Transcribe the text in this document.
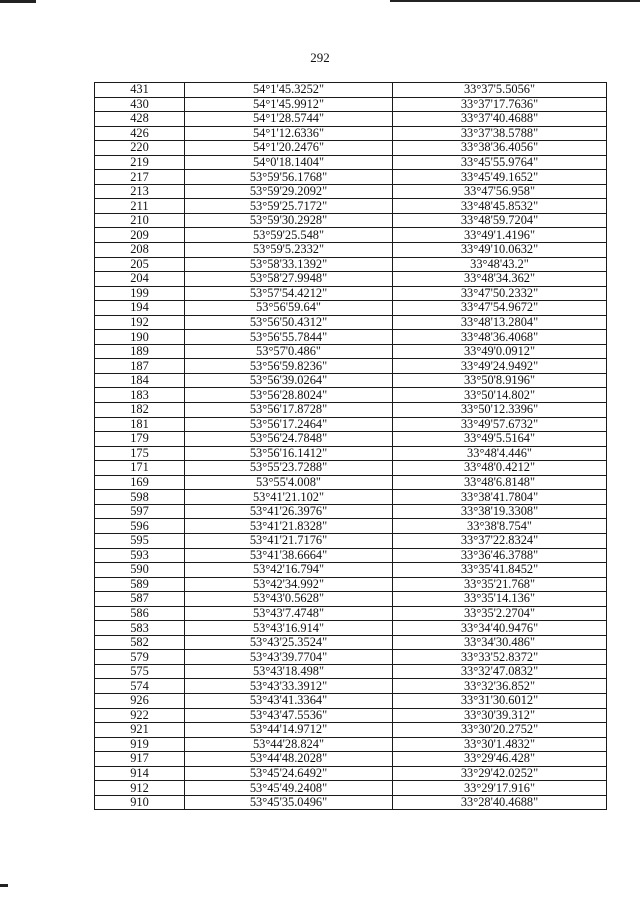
292
431	54°1'45.3252"	33°37'5.5056"
430	54°1'45.9912"	33°37'17.7636"
428	54°1'28.5744"	33°37'40.4688"
426	54°1'12.6336"	33°37'38.5788"
220	54°1'20.2476"	33°38'36.4056"
219	54°0'18.1404"	33°45'55.9764"
217	53°59'56.1768"	33°45'49.1652"
213	53°59'29.2092"	33°47'56.958"
211	53°59'25.7172"	33°48'45.8532"
210	53°59'30.2928"	33°48'59.7204"
209	53°59'25.548"	33°49'1.4196"
208	53°59'5.2332"	33°49'10.0632"
205	53°58'33.1392"	33°48'43.2"
204	53°58'27.9948"	33°48'34.362"
199	53°57'54.4212"	33°47'50.2332"
194	53°56'59.64"	33°47'54.9672"
192	53°56'50.4312"	33°48'13.2804"
190	53°56'55.7844"	33°48'36.4068"
189	53°57'0.486"	33°49'0.0912"
187	53°56'59.8236"	33°49'24.9492"
184	53°56'39.0264"	33°50'8.9196"
183	53°56'28.8024"	33°50'14.802"
182	53°56'17.8728"	33°50'12.3396"
181	53°56'17.2464"	33°49'57.6732"
179	53°56'24.7848"	33°49'5.5164"
175	53°56'16.1412"	33°48'4.446"
171	53°55'23.7288"	33°48'0.4212"
169	53°55'4.008"	33°48'6.8148"
598	53°41'21.102"	33°38'41.7804"
597	53°41'26.3976"	33°38'19.3308"
596	53°41'21.8328"	33°38'8.754"
595	53°41'21.7176"	33°37'22.8324"
593	53°41'38.6664"	33°36'46.3788"
590	53°42'16.794"	33°35'41.8452"
589	53°42'34.992"	33°35'21.768"
587	53°43'0.5628"	33°35'14.136"
586	53°43'7.4748"	33°35'2.2704"
583	53°43'16.914"	33°34'40.9476"
582	53°43'25.3524"	33°34'30.486"
579	53°43'39.7704"	33°33'52.8372"
575	53°43'18.498"	33°32'47.0832"
574	53°43'33.3912"	33°32'36.852"
926	53°43'41.3364"	33°31'30.6012"
922	53°43'47.5536"	33°30'39.312"
921	53°44'14.9712"	33°30'20.2752"
919	53°44'28.824"	33°30'1.4832"
917	53°44'48.2028"	33°29'46.428"
914	53°45'24.6492"	33°29'42.0252"
912	53°45'49.2408"	33°29'17.916"
910	53°45'35.0496"	33°28'40.4688"
